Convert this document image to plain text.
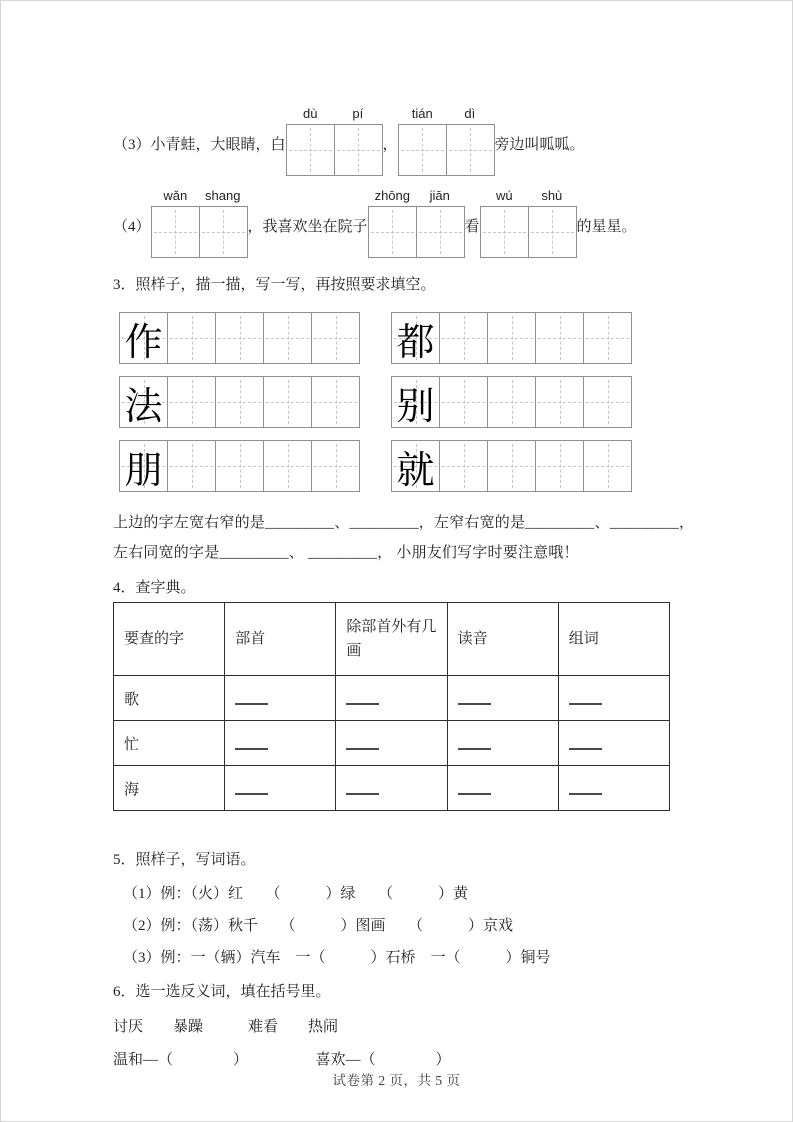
（3）小青蛙，大眼睛，白
dù	pí
，
tián	dì
旁边叫呱呱。
（4）
wǎn	shang
，我喜欢坐在院子
zhōng	jiān
看
wú	shù
的星星。
3．照样子，描一描，写一写，再按照要求填空。
作	都
法	别
朋	就
上边的字左宽右窄的是_________、_________，左窄右宽的是_________、_________，
左右同宽的字是_________、 _________， 小朋友们写字时要注意哦！
4．查字典。
要查的字	部首	除部首外有几画	读音	组词
歌				
忙				
海				
5．照样子，写词语。
（1）例：（火）红　　（　　　）绿　　（　　　）黄
（2）例：（荡）秋千　　（　　　）图画　　（　　　）京戏
（3）例：一（辆）汽车　一（　　　）石桥　一（　　　）铜号
6．选一选反义词，填在括号里。
讨厌　　暴躁　　　难看　　热闹
温和—（　　　　）　　　　　喜欢—（　　　　）
试卷第 2 页，共 5 页
